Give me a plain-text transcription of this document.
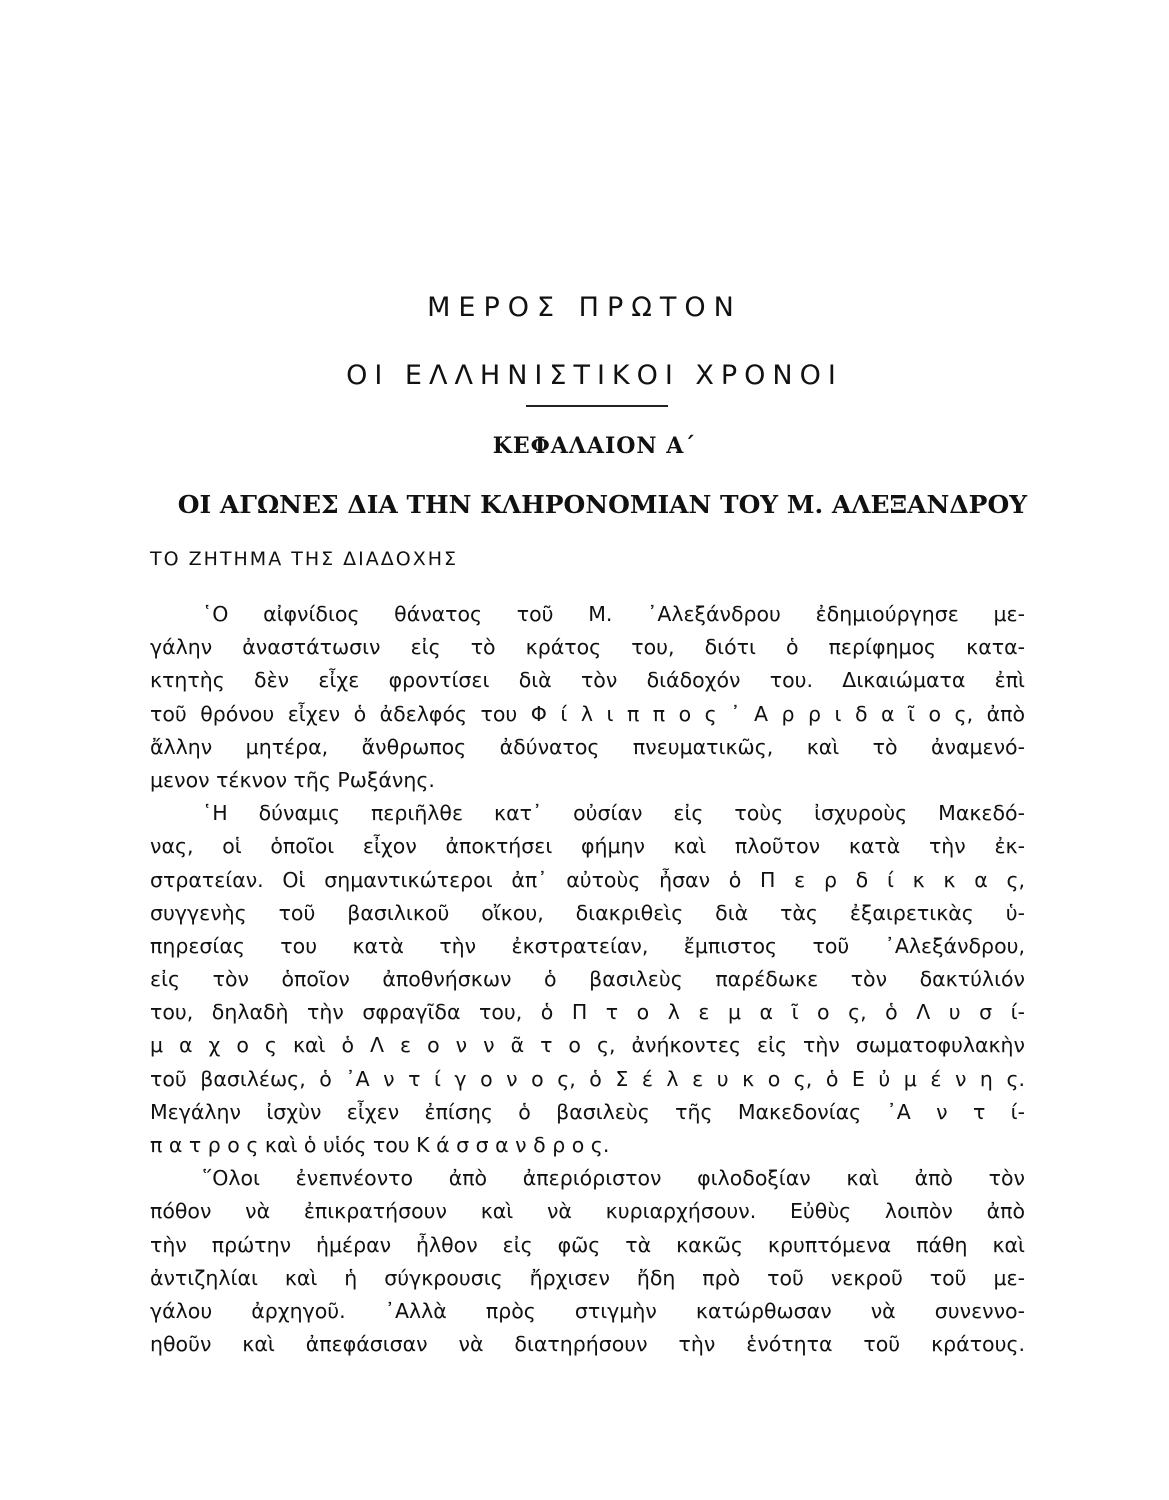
ΜΕΡΟΣ ΠΡΩΤΟΝ
ΟΙ ΕΛΛΗΝΙΣΤΙΚΟΙ ΧΡΟΝΟΙ
ΚΕΦΑΛΑΙΟΝ Α΄
ΟΙ ΑΓΩΝΕΣ ΔΙΑ ΤΗΝ ΚΛΗΡΟΝΟΜΙΑΝ ΤΟΥ Μ. ΑΛΕΞΑΝΔΡΟΥ
ΤΟ ΖΗΤΗΜΑ ΤΗΣ ΔΙΑΔΟΧΗΣ
῾Ο αἰφνίδιος θάνατος τοῦ Μ. ᾿Αλεξάνδρου ἐδημιούργησε με-
γάλην ἀναστάτωσιν εἰς τὸ κράτος του, διότι ὁ περίφημος κατα-
κτητὴς δὲν εἶχε φροντίσει διὰ τὸν διάδοχόν του. Δικαιώματα ἐπὶ
τοῦ θρόνου εἶχεν ὁ ἀδελφός του Φ ί λ ι π π ο ς ᾿ Α ρ ρ ι δ α ῖ ο ς, ἀπὸ
ἄλλην μητέρα, ἄνθρωπος ἀδύνατος πνευματικῶς, καὶ τὸ ἀναμενό-
μενον τέκνον τῆς Ρωξάνης.
῾Η δύναμις περιῆλθε κατ᾿ οὐσίαν εἰς τοὺς ἰσχυροὺς Μακεδό-
νας, οἱ ὁποῖοι εἶχον ἀποκτήσει φήμην καὶ πλοῦτον κατὰ τὴν ἐκ-
στρατείαν. Οἱ σημαντικώτεροι ἀπ᾿ αὐτοὺς ἦσαν ὁ Π ε ρ δ ί κ κ α ς,
συγγενὴς τοῦ βασιλικοῦ οἴκου, διακριθεὶς διὰ τὰς ἐξαιρετικὰς ὑ-
πηρεσίας του κατὰ τὴν ἐκστρατείαν, ἔμπιστος τοῦ ᾿Αλεξάνδρου,
εἰς τὸν ὁποῖον ἀποθνήσκων ὁ βασιλεὺς παρέδωκε τὸν δακτύλιόν
του, δηλαδὴ τὴν σφραγῖδα του, ὁ Π τ ο λ ε μ α ῖ ο ς, ὁ Λ υ σ ί-
μ α χ ο ς καὶ ὁ Λ ε ο ν ν ᾶ τ ο ς, ἀνήκοντες εἰς τὴν σωματοφυλακὴν
τοῦ βασιλέως, ὁ ᾿Α ν τ ί γ ο ν ο ς, ὁ Σ έ λ ε υ κ ο ς, ὁ Ε ὐ μ έ ν η ς.
Μεγάλην ἰσχὺν εἶχεν ἐπίσης ὁ βασιλεὺς τῆς Μακεδονίας ᾿Α ν τ ί-
π α τ ρ ο ς καὶ ὁ υἱός του Κ ά σ σ α ν δ ρ ο ς.
῞Ολοι ἐνεπνέοντο ἀπὸ ἀπεριόριστον φιλοδοξίαν καὶ ἀπὸ τὸν
πόθον νὰ ἐπικρατήσουν καὶ νὰ κυριαρχήσουν. Εὐθὺς λοιπὸν ἀπὸ
τὴν πρώτην ἡμέραν ἦλθον εἰς φῶς τὰ κακῶς κρυπτόμενα πάθη καὶ
ἀντιζηλίαι καὶ ἡ σύγκρουσις ἤρχισεν ἤδη πρὸ τοῦ νεκροῦ τοῦ με-
γάλου ἀρχηγοῦ. ᾿Αλλὰ πρὸς στιγμὴν κατώρθωσαν νὰ συνεννο-
ηθοῦν καὶ ἀπεφάσισαν νὰ διατηρήσουν τὴν ἑνότητα τοῦ κράτους.
